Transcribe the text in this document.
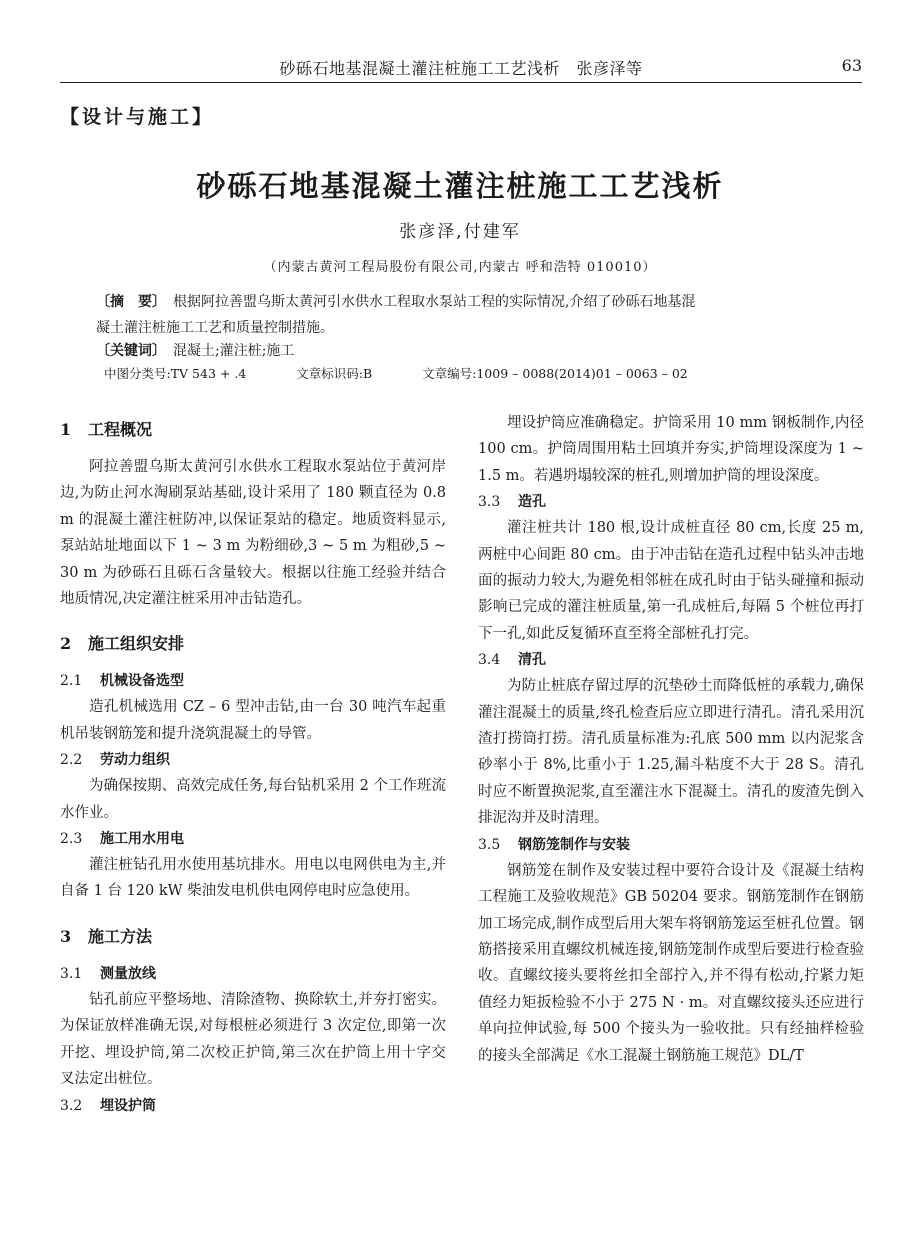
砂砾石地基混凝土灌注桩施工工艺浅析　张彦泽等	63
【设计与施工】
砂砾石地基混凝土灌注桩施工工艺浅析
张彦泽,付建军
（内蒙古黄河工程局股份有限公司,内蒙古 呼和浩特 010010）
〔摘　要〕　 根据阿拉善盟乌斯太黄河引水供水工程取水泵站工程的实际情况,介绍了砂砾石地基混
凝土灌注桩施工工艺和质量控制措施。
〔关键词〕　 混凝土;灌注桩;施工
中图分类号:TV 543 + .4	文章标识码:B	文章编号:1009 – 0088(2014)01 – 0063 – 02
1 工程概况

阿拉善盟乌斯太黄河引水供水工程取水泵站位于黄河岸边,为防止河水淘刷泵站基础,设计采用了 180 颗直径为 0.8 m 的混凝土灌注桩防冲,以保证泵站的稳定。地质资料显示,泵站站址地面以下 1 ~ 3 m 为粉细砂,3 ~ 5 m 为粗砂,5 ~ 30 m 为砂砾石且砾石含量较大。根据以往施工经验并结合地质情况,决定灌注桩采用冲击钻造孔。

2 施工组织安排
2.1 机械设备选型

造孔机械选用 CZ – 6 型冲击钻,由一台 30 吨汽车起重机吊装钢筋笼和提升浇筑混凝土的导管。

2.2 劳动力组织

为确保按期、高效完成任务,每台钻机采用 2 个工作班流水作业。

2.3 施工用水用电

灌注桩钻孔用水使用基坑排水。用电以电网供电为主,并自备 1 台 120 kW 柴油发电机供电网停电时应急使用。

3 施工方法
3.1 测量放线

钻孔前应平整场地、清除渣物、换除软土,并夯打密实。为保证放样准确无误,对每根桩必须进行 3 次定位,即第一次开挖、埋设护筒,第二次校正护筒,第三次在护筒上用十字交叉法定出桩位。

3.2 埋设护筒

埋设护筒应准确稳定。护筒采用 10 mm 钢板制作,内径 100 cm。护筒周围用粘土回填并夯实,护筒埋设深度为 1 ~ 1.5 m。若遇坍塌较深的桩孔,则增加护筒的埋设深度。

3.3 造孔

灌注桩共计 180 根,设计成桩直径 80 cm,长度 25 m,两桩中心间距 80 cm。由于冲击钻在造孔过程中钻头冲击地面的振动力较大,为避免相邻桩在成孔时由于钻头碰撞和振动影响已完成的灌注桩质量,第一孔成桩后,每隔 5 个桩位再打下一孔,如此反复循环直至将全部桩孔打完。

3.4 清孔

为防止桩底存留过厚的沉垫砂土而降低桩的承载力,确保灌注混凝土的质量,终孔检查后应立即进行清孔。清孔采用沉渣打捞筒打捞。清孔质量标准为:孔底 500 mm 以内泥浆含砂率小于 8%,比重小于 1.25,漏斗粘度不大于 28 S。清孔时应不断置换泥浆,直至灌注水下混凝土。清孔的废渣先倒入排泥沟并及时清理。

3.5 钢筋笼制作与安装

钢筋笼在制作及安装过程中要符合设计及《混凝土结构工程施工及验收规范》GB 50204 要求。钢筋笼制作在钢筋加工场完成,制作成型后用大架车将钢筋笼运至桩孔位置。钢筋搭接采用直螺纹机械连接,钢筋笼制作成型后要进行检查验收。直螺纹接头要将丝扣全部拧入,并不得有松动,拧紧力矩值经力矩扳检验不小于 275 N · m。对直螺纹接头还应进行单向拉伸试验,每 500 个接头为一验收批。只有经抽样检验的接头全部满足《水工混凝土钢筋施工规范》DL/T
